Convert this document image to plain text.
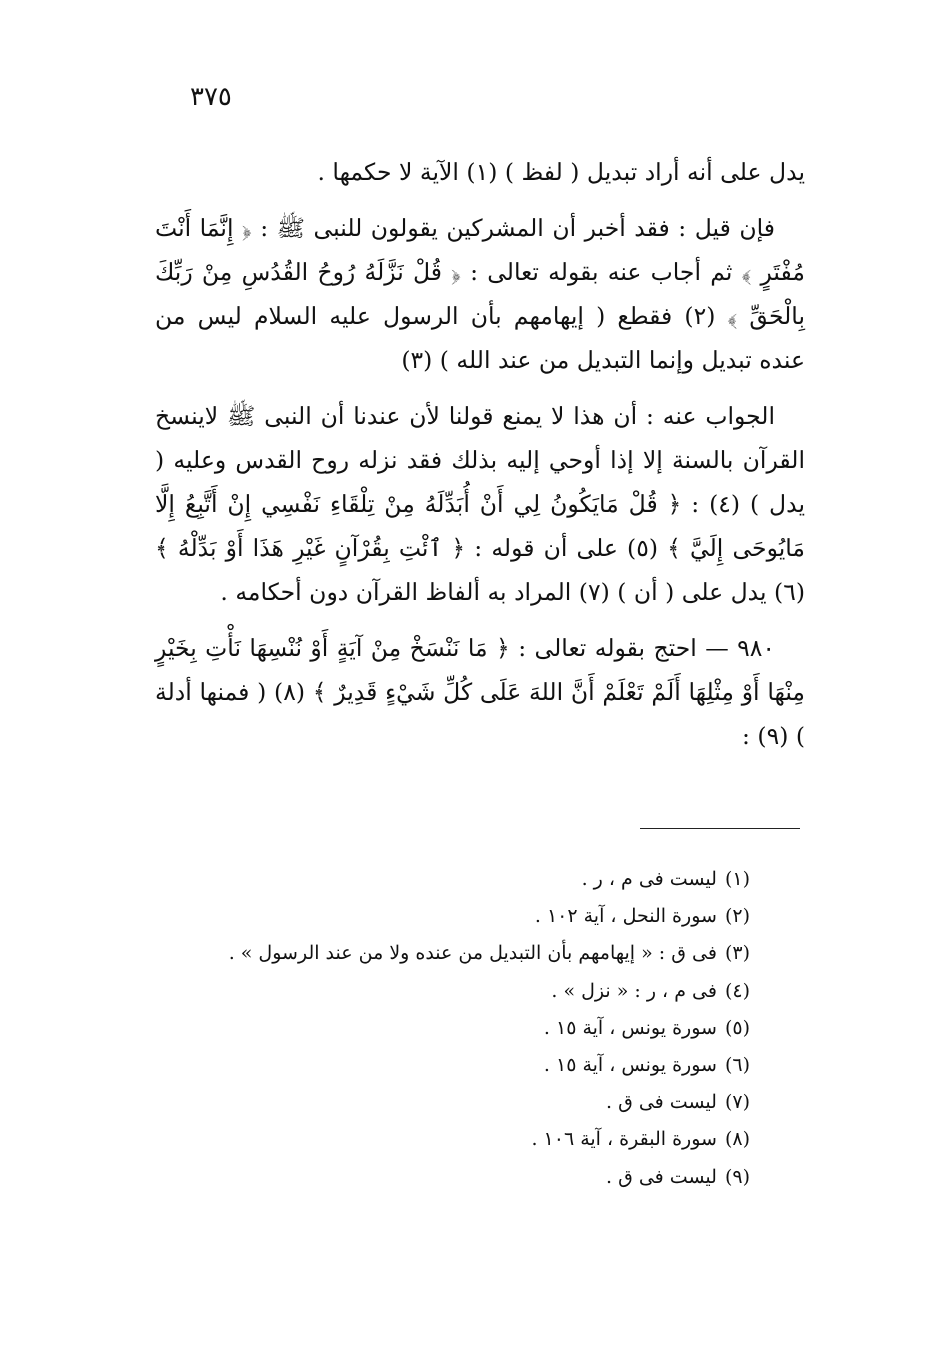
٣٧٥

يدل على أنه أراد تبديل ( لفظ ) (١) الآية لا حكمها .

فإن قيل : فقد أخبر أن المشركين يقولون للنبى ﷺ : ﴿ إِنَّمَا أَنْتَ مُفْتَرٍ ﴾ ثم أجاب عنه بقوله تعالى : ﴿ قُلْ نَزَّلَهُ رُوحُ القُدُسِ مِنْ رَبِّكَ بِالْحَقِّ ﴾ (٢) فقطع ( إيهامهم بأن الرسول عليه السلام ليس من عنده تبديل وإنما التبديل من عند الله ) (٣)

الجواب عنه : أن هذا لا يمنع قولنا لأن عندنا أن النبى ﷺ لاينسخ القرآن بالسنة إلا إذا أوحي إليه بذلك فقد نزله روح القدس وعليه ( يدل ) (٤) : ﴿ قُلْ مَايَكُونُ لِي أَنْ أُبَدِّلَهُ مِنْ تِلْقَاءِ نَفْسِي إِنْ أَتَّبِعُ إِلَّا مَايُوحَى إِلَيَّ ﴾ (٥) على أن قوله : ﴿ ٱئْتِ بِقُرْآنٍ غَيْرِ هَذَا أَوْ بَدِّلْهُ ﴾ (٦) يدل على ( أن ) (٧) المراد به ألفاظ القرآن دون أحكامه .

٩٨٠ — احتج بقوله تعالى : ﴿ مَا نَنْسَخْ مِنْ آيَةٍ أَوْ نُنْسِهَا نَأْتِ بِخَيْرٍ مِنْهَا أَوْ مِثْلِهَا أَلَمْ تَعْلَمْ أَنَّ اللهَ عَلَى كُلِّ شَيْءٍ قَدِيرٌ ﴾ (٨) ( فمنها أدلة ) (٩) :

(١)ليست فى م ، ر .
(٢)سورة النحل ، آية ١٠٢ .
(٣)فى ق : « إيهامهم بأن التبديل من عنده ولا من عند الرسول » .
(٤)فى م ، ر : « نزل » .
(٥)سورة يونس ، آية ١٥ .
(٦)سورة يونس ، آية ١٥ .
(٧)ليست فى ق .
(٨)سورة البقرة ، آية ١٠٦ .
(٩)ليست فى ق .
